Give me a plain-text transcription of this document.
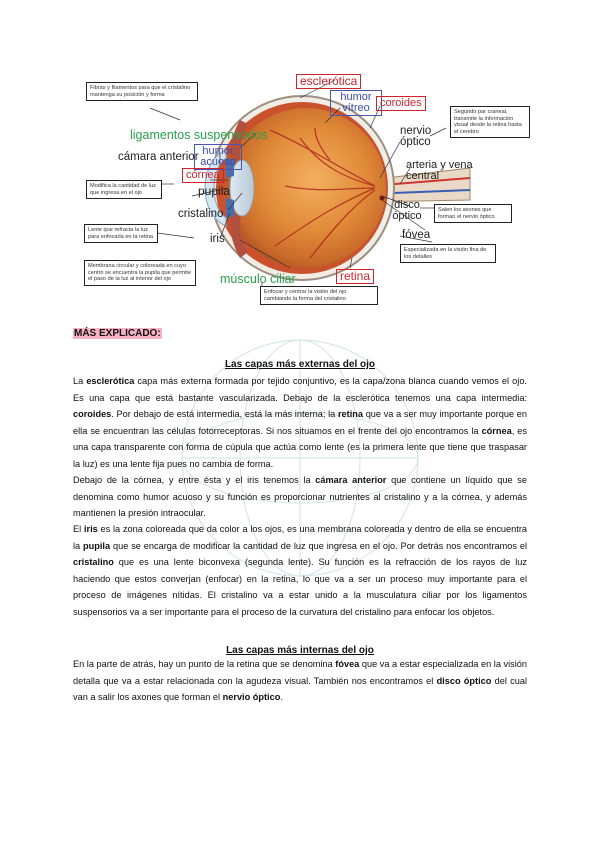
esclerótica
humor vítreo coroides
ligamentos suspensorios
humor acuoso
cámara anterior
córnea
pupila
cristalino
iris
músculo ciliar	retina
fóvea
disco óptico
nervio óptico
arteria y vena central
Fibras y filamentos para que el cristalino mantenga su posición y forma
Modifica la cantidad de luz que ingresa en el ojo
Lente que refracta la luz para enfocarla en la retina
Membrana circular y coloreada en cuyo centro se encuentra la pupila que permite el paso de la luz al interior del ojo
Enfocar y centrar la visión del ojo cambiando la forma del cristalino
Segundo par craneal, transmite la información visual desde la retina hasta el cerebro
Salen los axones que forman el nervio óptico
Especializada en la visión fina de los detalles
MÁS EXPLICADO:
Las capas más externas del ojo

La esclerótica capa más externa formada por tejido conjuntivo, es la capa/zona blanca cuando vemos el ojo. Es una capa que está bastante vascularizada. Debajo de la esclerótica tenemos una capa intermedia: coroides. Por debajo de está intermedia, está la más interna; la retina que va a ser muy importante porque en ella se encuentran las células fotorreceptoras. Si nos situamos en el frente del ojo encontramos la córnea, es una capa transparente con forma de cúpula que actúa como lente (es la primera lente que tiene que traspasar la luz) es una lente fija pues no cambia de forma.

Debajo de la córnea, y entre ésta y el iris tenemos la cámara anterior que contiene un líquido que se denomina como humor acuoso y su función es proporcionar nutrientes al cristalino y a la córnea, y además mantienen la presión intraocular.

El iris es la zona coloreada que da color a los ojos, es una membrana coloreada y dentro de ella se encuentra la pupila que se encarga de modificar la cantidad de luz que ingresa en el ojo. Por detrás nos encontramos el cristalino que es una lente biconvexa (segunda lente). Su función es la refracción de los rayos de luz haciendo que estos converjan (enfocar) en la retina, lo que va a ser un proceso muy importante para el proceso de imágenes nítidas. El cristalino va a estar unido a la musculatura ciliar por los ligamentos suspensorios va a ser importante para el proceso de la curvatura del cristalino para enfocar los objetos.

Las capas más internas del ojo

En la parte de atrás, hay un punto de la retina que se denomina fóvea que va a estar especializada en la visión detalla que va a estar relacionada con la agudeza visual. También nos encontramos el disco óptico del cual van a salir los axones que forman el nervio óptico.
